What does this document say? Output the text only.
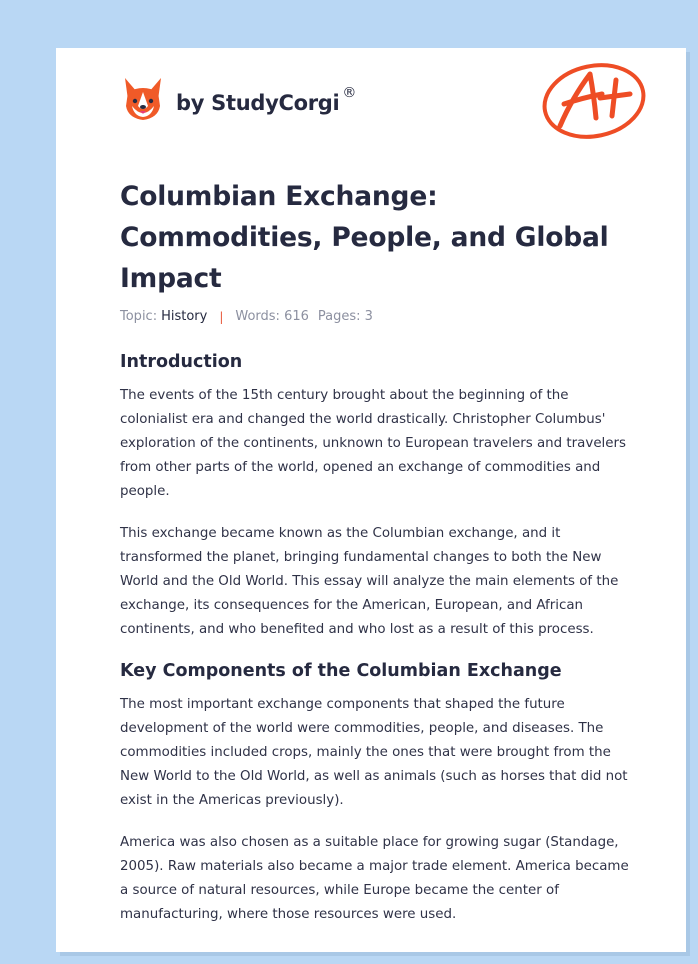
by StudyCorgi ®
Columbian Exchange: Commodities, People, and Global Impact
Topic: History | Words: 616 Pages: 3
Introduction

The events of the 15th century brought about the beginning of the colonialist era and changed the world drastically. Christopher Columbus' exploration of the continents, unknown to European travelers and travelers from other parts of the world, opened an exchange of commodities and people.

This exchange became known as the Columbian exchange, and it transformed the planet, bringing fundamental changes to both the New World and the Old World. This essay will analyze the main elements of the exchange, its consequences for the American, European, and African continents, and who benefited and who lost as a result of this process.

Key Components of the Columbian Exchange

The most important exchange components that shaped the future development of the world were commodities, people, and diseases. The commodities included crops, mainly the ones that were brought from the New World to the Old World, as well as animals (such as horses that did not exist in the Americas previously).

America was also chosen as a suitable place for growing sugar (Standage, 2005). Raw materials also became a major trade element. America became a source of natural resources, while Europe became the center of manufacturing, where those resources were used.
